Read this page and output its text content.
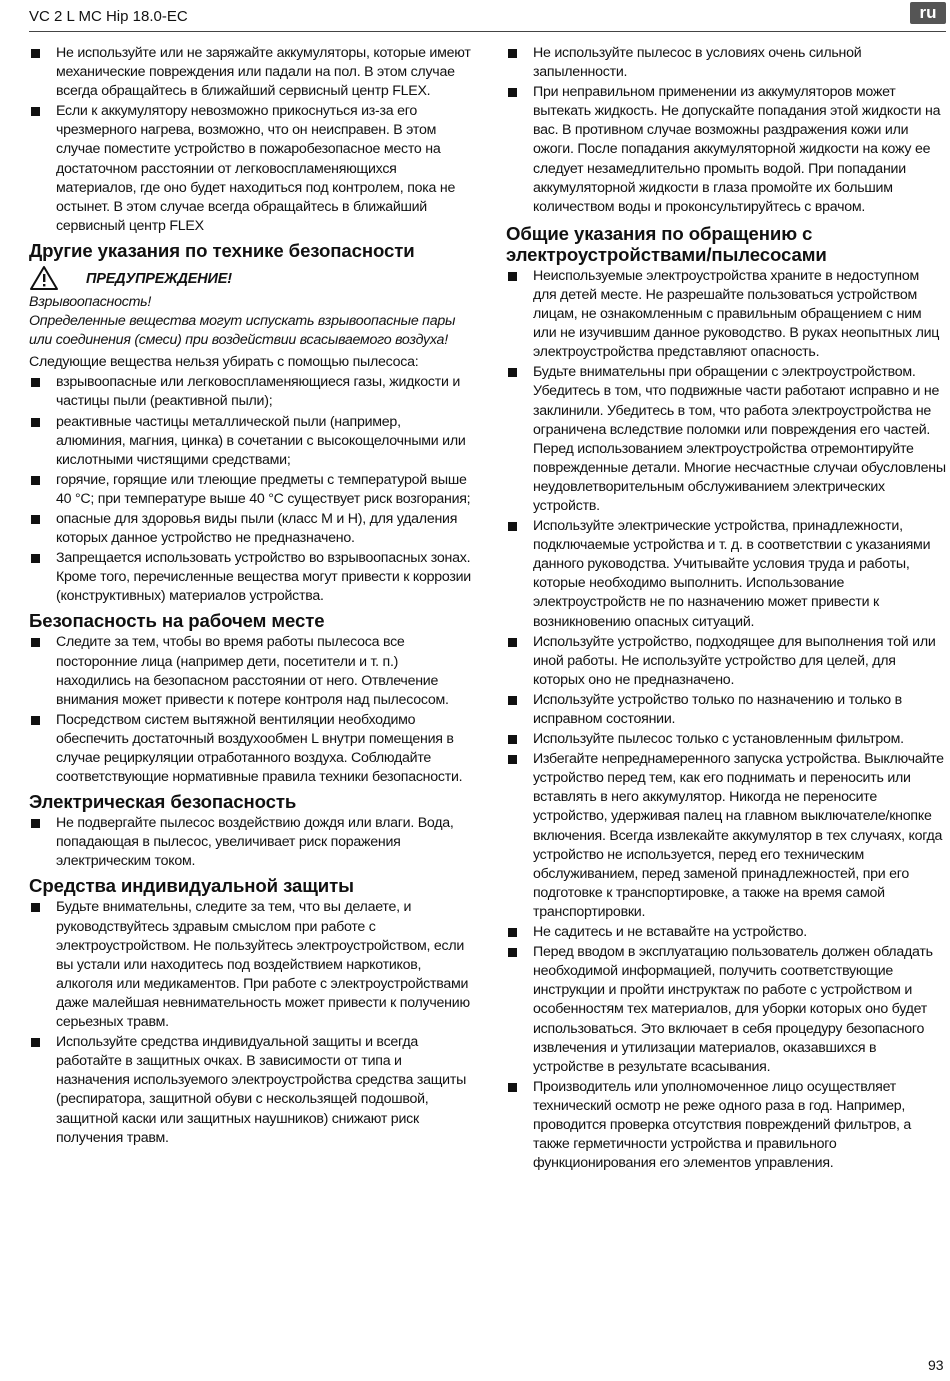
VC 2 L MC Hip 18.0-EC	ru
Не используйте или не заряжайте аккумуляторы, которые имеют механические повреждения или падали на пол. В этом случае всегда обращайтесь в ближайший сервисный центр FLEX.
Если к аккумулятору невозможно прикоснуться из-за его чрезмерного нагрева, возможно, что он неисправен. В этом случае поместите устройство в пожаробезопасное место на достаточном расстоянии от легковоспламеняющихся материалов, где оно будет находиться под контролем, пока не остынет. В этом случае всегда обращайтесь в ближайший сервисный центр FLEX
Другие указания по технике безопасности
ПРЕДУПРЕЖДЕНИЕ!

Взрывоопасность!
Определенные вещества могут испускать взрывоопасные пары или соединения (смеси) при воздействии всасываемого воздуха!

Следующие вещества нельзя убирать с помощью пылесоса:

взрывоопасные или легковоспламеняющиеся газы, жидкости и частицы пыли (реактивной пыли);
реактивные частицы металлической пыли (например, алюминия, магния, цинка) в сочетании с высокощелочными или кислотными чистящими средствами;
горячие, горящие или тлеющие предметы с температурой выше 40 °C; при температуре выше 40 °C существует риск возгорания;
опасные для здоровья виды пыли (класс M и H), для удаления которых данное устройство не предназначено.
Запрещается использовать устройство во взрывоопасных зонах. Кроме того, перечисленные вещества могут привести к коррозии (конструктивных) материалов устройства.
Безопасность на рабочем месте
Следите за тем, чтобы во время работы пылесоса все посторонние лица (например дети, посетители и т. п.) находились на безопасном расстоянии от него. Отвлечение внимания может привести к потере контроля над пылесосом.
Посредством систем вытяжной вентиляции необходимо обеспечить достаточный воздухообмен L внутри помещения в случае рециркуляции отработанного воздуха. Соблюдайте соответствующие нормативные правила техники безопасности.
Электрическая безопасность
Не подвергайте пылесос воздействию дождя или влаги. Вода, попадающая в пылесос, увеличивает риск поражения электрическим током.
Средства индивидуальной защиты
Будьте внимательны, следите за тем, что вы делаете, и руководствуйтесь здравым смыслом при работе с электроустройством. Не пользуйтесь электроустройством, если вы устали или находитесь под воздействием наркотиков, алкоголя или медикаментов. При работе с электроустройствами даже малейшая невнимательность может привести к получению серьезных травм.
Используйте средства индивидуальной защиты и всегда работайте в защитных очках. В зависимости от типа и назначения используемого электроустройства средства защиты (респиратора, защитной обуви с нескользящей подошвой, защитной каски или защитных наушников) снижают риск получения травм.
Не используйте пылесос в условиях очень сильной запыленности.
При неправильном применении из аккумуляторов может вытекать жидкость. Не допускайте попадания этой жидкости на вас. В противном случае возможны раздражения кожи или ожоги. После попадания аккумуляторной жидкости на кожу ее следует незамедлительно промыть водой. При попадании аккумуляторной жидкости в глаза промойте их большим количеством воды и проконсультируйтесь с врачом.
Общие указания по обращению с
электроустройствами/пылесосами
Неиспользуемые электроустройства храните в недоступном для детей месте. Не разрешайте пользоваться устройством лицам, не ознакомленным с правильным обращением с ним или не изучившим данное руководство. В руках неопытных лиц электроустройства представляют опасность.
Будьте внимательны при обращении с электроустройством. Убедитесь в том, что подвижные части работают исправно и не заклинили. Убедитесь в том, что работа электроустройства не ограничена вследствие поломки или повреждения его частей. Перед использованием электроустройства отремонтируйте поврежденные детали. Многие несчастные случаи обусловлены неудовлетворительным обслуживанием электрических устройств.
Используйте электрические устройства, принадлежности, подключаемые устройства и т. д. в соответствии с указаниями данного руководства. Учитывайте условия труда и работы, которые необходимо выполнить. Использование электроустройств не по назначению может привести к возникновению опасных ситуаций.
Используйте устройство, подходящее для выполнения той или иной работы. Не используйте устройство для целей, для которых оно не предназначено.
Используйте устройство только по назначению и только в исправном состоянии.
Используйте пылесос только с установленным фильтром.
Избегайте непреднамеренного запуска устройства. Выключайте устройство перед тем, как его поднимать и переносить или вставлять в него аккумулятор. Никогда не переносите устройство, удерживая палец на главном выключателе/кнопке включения. Всегда извлекайте аккумулятор в тех случаях, когда устройство не используется, перед его техническим обслуживанием, перед заменой принадлежностей, при его подготовке к транспортировке, а также на время самой транспортировки.
Не садитесь и не вставайте на устройство.
Перед вводом в эксплуатацию пользователь должен обладать необходимой информацией, получить соответствующие инструкции и пройти инструктаж по работе с устройством и особенностям тех материалов, для уборки которых оно будет использоваться. Это включает в себя процедуру безопасного извлечения и утилизации материалов, оказавшихся в устройстве в результате всасывания.
Производитель или уполномоченное лицо осуществляет технический осмотр не реже одного раза в год. Например, проводится проверка отсутствия повреждений фильтров, а также герметичности устройства и правильного функционирования его элементов управления.
93
